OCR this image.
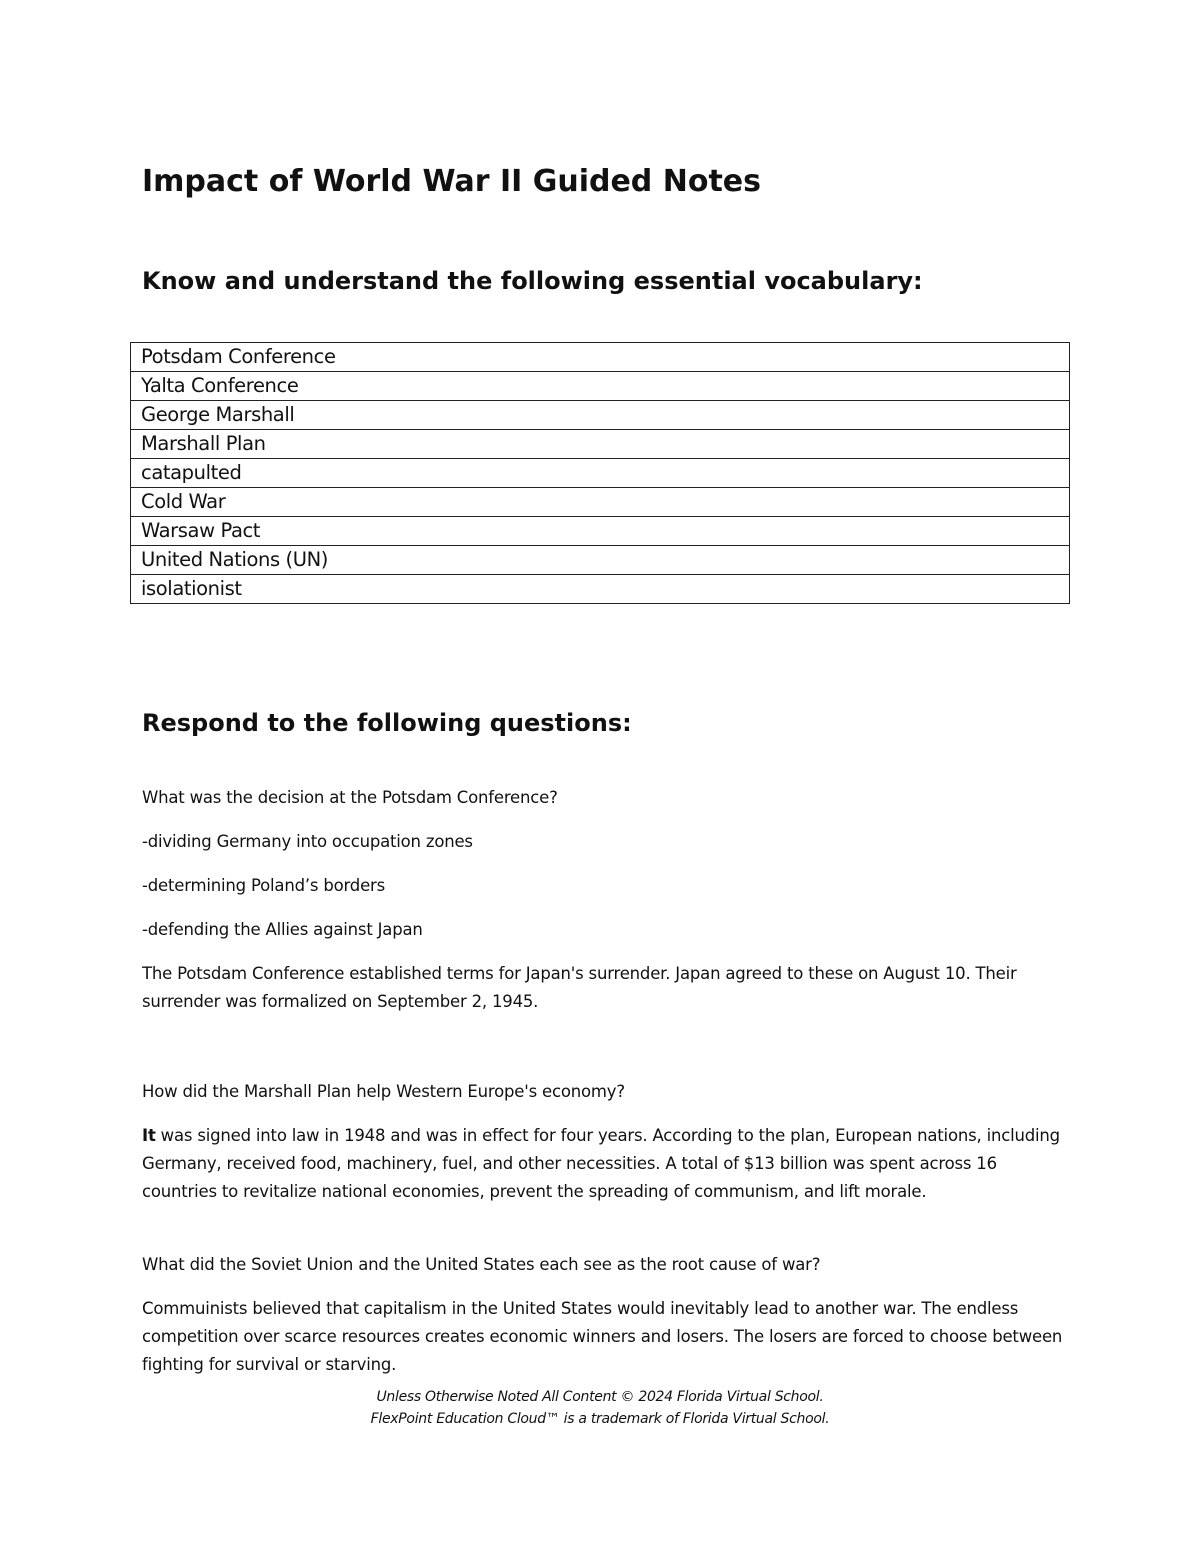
Impact of World War II Guided Notes
Know and understand the following essential vocabulary:
Potsdam Conference
Yalta Conference
George Marshall
Marshall Plan
catapulted
Cold War
Warsaw Pact
United Nations (UN)
isolationist
Respond to the following questions:

What was the decision at the Potsdam Conference?

-dividing Germany into occupation zones

-determining Poland’s borders

-defending the Allies against Japan

The Potsdam Conference established terms for Japan's surrender. Japan agreed to these on August 10. Their surrender was formalized on September 2, 1945.

How did the Marshall Plan help Western Europe's economy?

It was signed into law in 1948 and was in effect for four years. According to the plan, European nations, including Germany, received food, machinery, fuel, and other necessities. A total of $13 billion was spent across 16 countries to revitalize national economies, prevent the spreading of communism, and lift morale.

What did the Soviet Union and the United States each see as the root cause of war?

Commuinists believed that capitalism in the United States would inevitably lead to another war. The endless competition over scarce resources creates economic winners and losers. The losers are forced to choose between fighting for survival or starving.

Unless Otherwise Noted All Content © 2024 Florida Virtual School.
FlexPoint Education Cloud™ is a trademark of Florida Virtual School.
